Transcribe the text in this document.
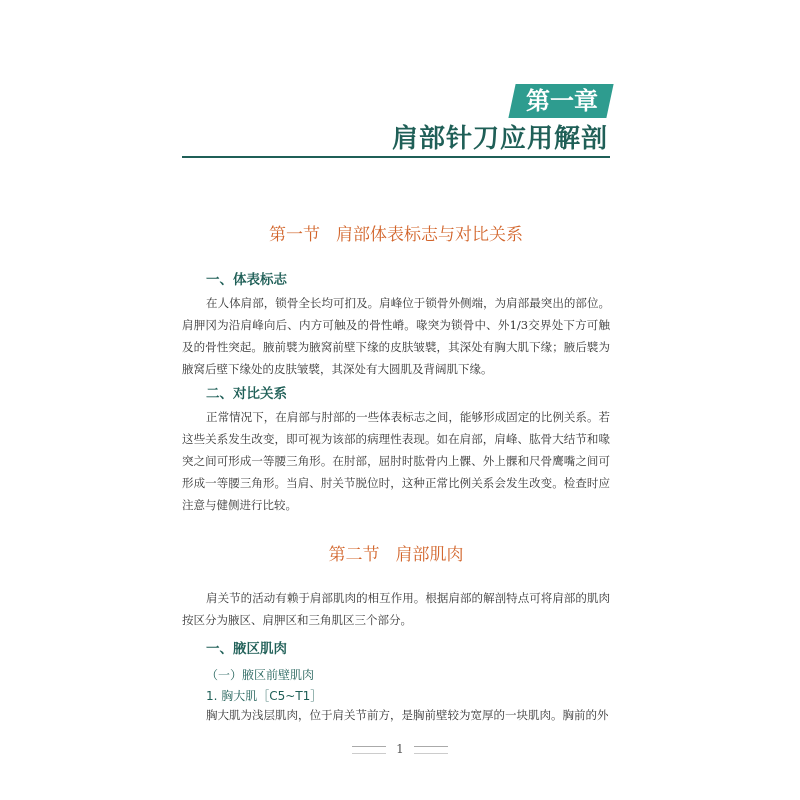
第一章
肩部针刀应用解剖
第一节 肩部体表标志与对比关系
一、体表标志
在人体肩部，锁骨全长均可扪及。肩峰位于锁骨外侧端，为肩部最突出的部位。肩胛冈为沿肩峰向后、内方可触及的骨性嵴。喙突为锁骨中、外1/3交界处下方可触及的骨性突起。腋前襞为腋窝前壁下缘的皮肤皱襞，其深处有胸大肌下缘；腋后襞为腋窝后壁下缘处的皮肤皱襞，其深处有大圆肌及背阔肌下缘。
二、对比关系
正常情况下，在肩部与肘部的一些体表标志之间，能够形成固定的比例关系。若这些关系发生改变，即可视为该部的病理性表现。如在肩部，肩峰、肱骨大结节和喙突之间可形成一等腰三角形。在肘部，屈肘时肱骨内上髁、外上髁和尺骨鹰嘴之间可形成一等腰三角形。当肩、肘关节脱位时，这种正常比例关系会发生改变。检查时应注意与健侧进行比较。
第二节 肩部肌肉
肩关节的活动有赖于肩部肌肉的相互作用。根据肩部的解剖特点可将肩部的肌肉按区分为腋区、肩胛区和三角肌区三个部分。
一、腋区肌肉
（一）腋区前壁肌肉
1. 胸大肌［C5~T1］
胸大肌为浅层肌肉，位于肩关节前方，是胸前壁较为宽厚的一块肌肉。胸前的外
1
